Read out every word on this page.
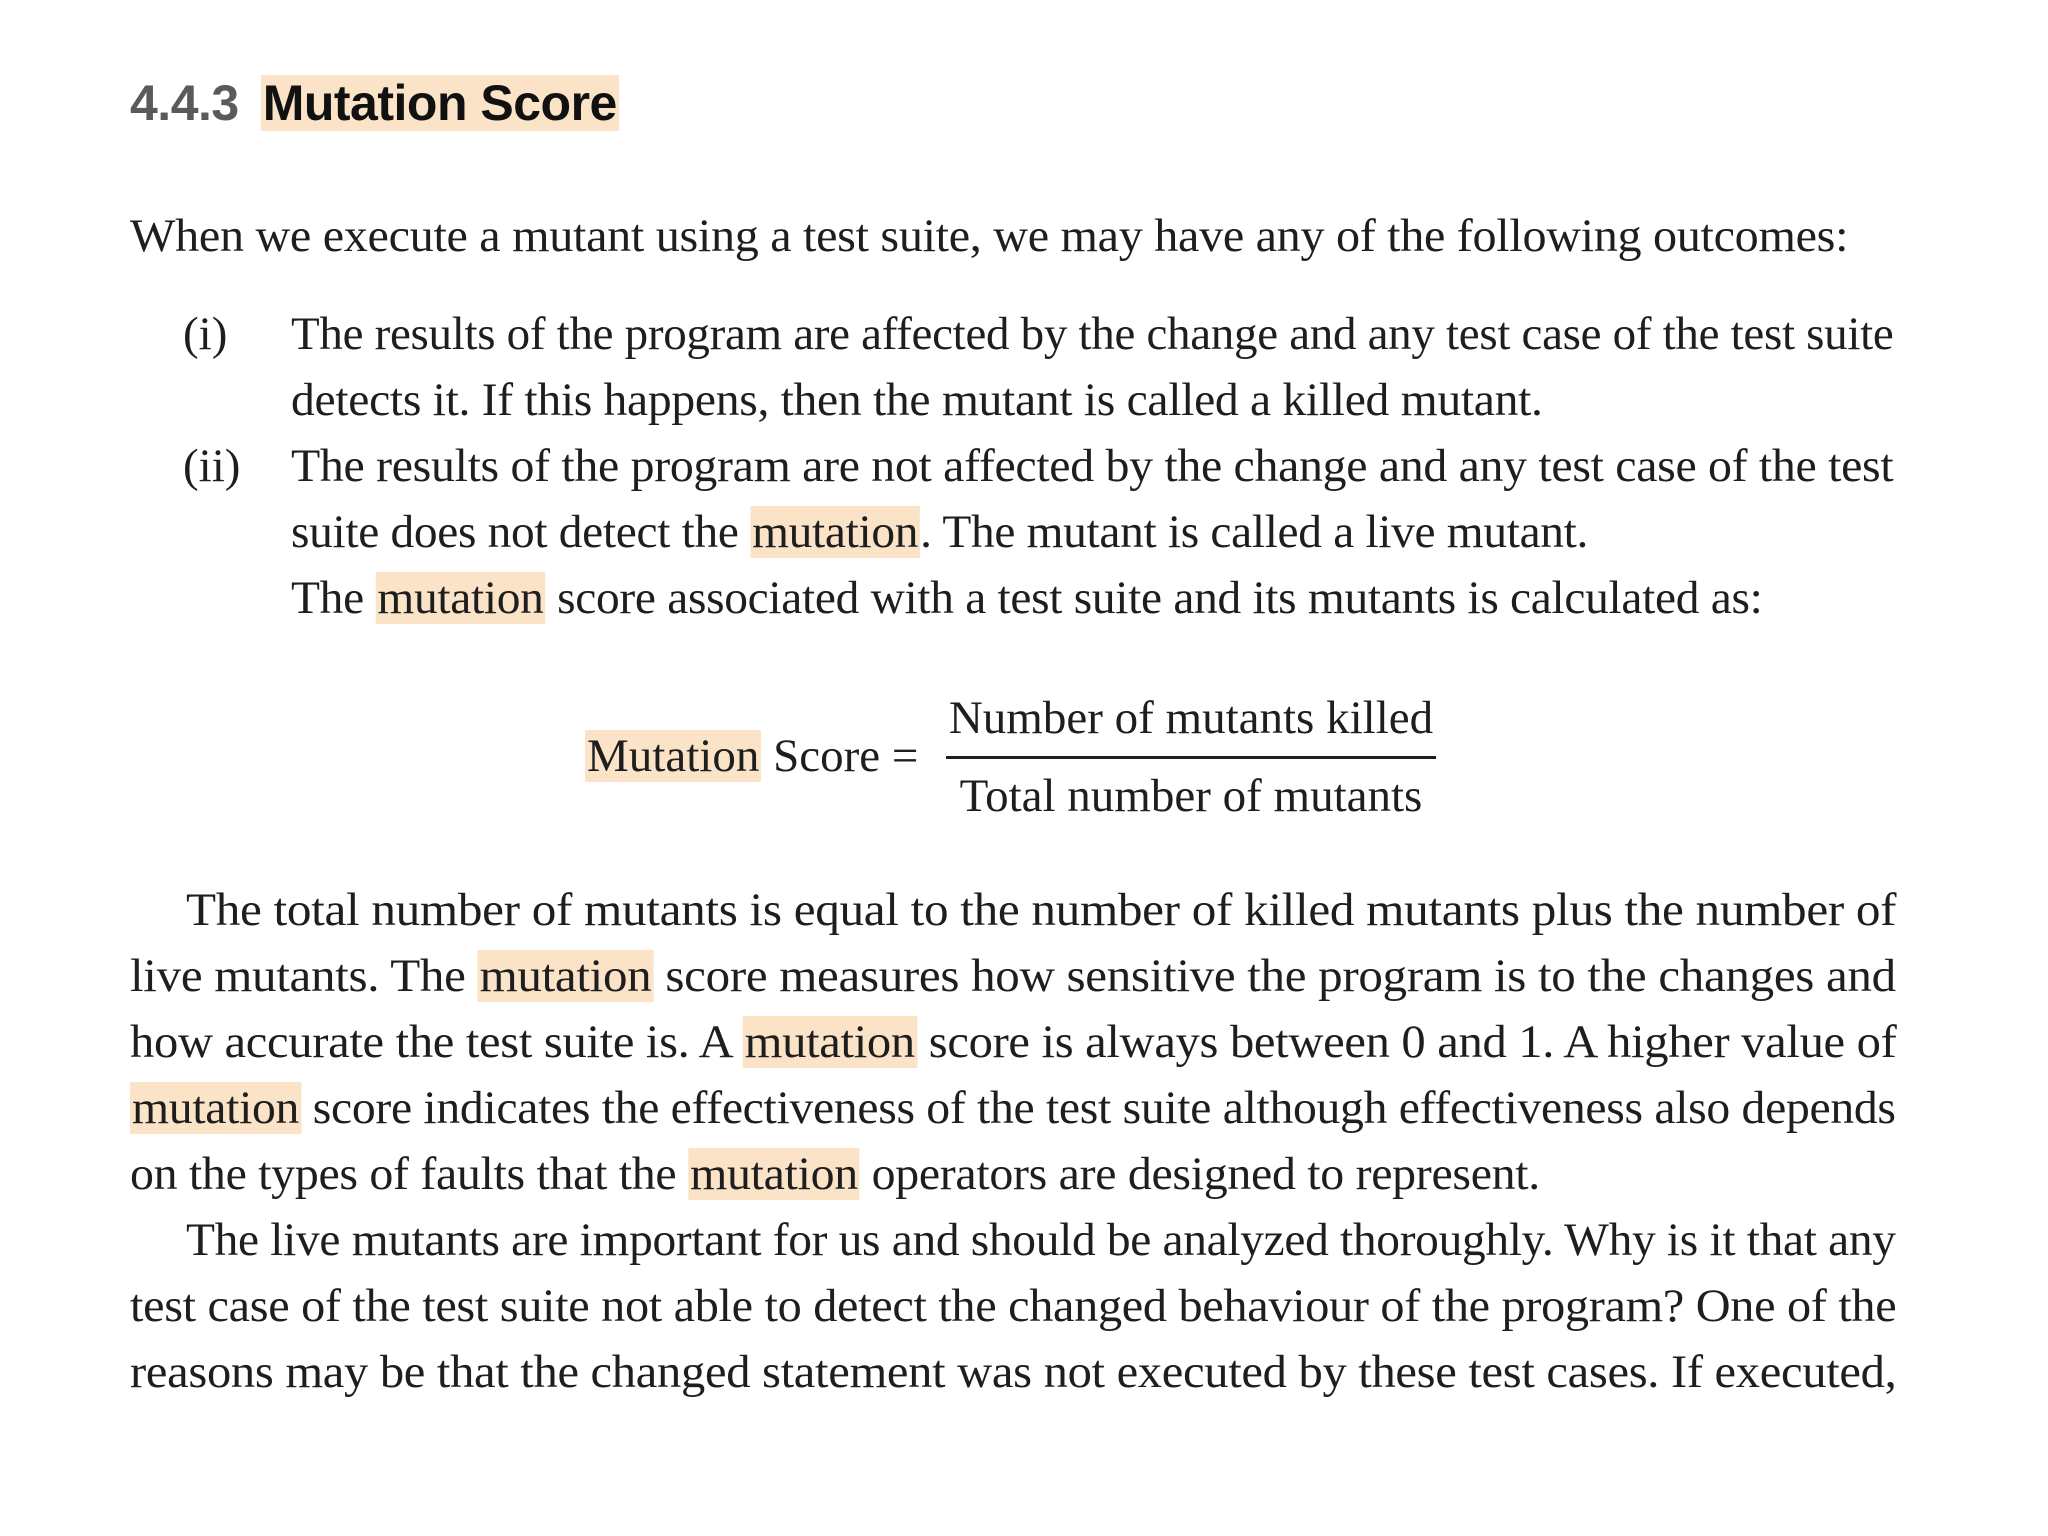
4.4.3 Mutation Score
When we execute a mutant using a test suite, we may have any of the following outcomes:
(i) The results of the program are affected by the change and any test case of the test suite
detects it. If this happens, then the mutant is called a killed mutant.
(ii) The results of the program are not affected by the change and any test case of the test
suite does not detect the mutation. The mutant is called a live mutant.
The mutation score associated with a test suite and its mutants is calculated as:
Mutation Score =
Number of mutants killed
Total number of mutants
The total number of mutants is equal to the number of killed mutants plus the number of
live mutants. The mutation score measures how sensitive the program is to the changes and
how accurate the test suite is. A mutation score is always between 0 and 1. A higher value of
mutation score indicates the effectiveness of the test suite although effectiveness also depends
on the types of faults that the mutation operators are designed to represent.
The live mutants are important for us and should be analyzed thoroughly. Why is it that any
test case of the test suite not able to detect the changed behaviour of the program? One of the
reasons may be that the changed statement was not executed by these test cases. If executed,
